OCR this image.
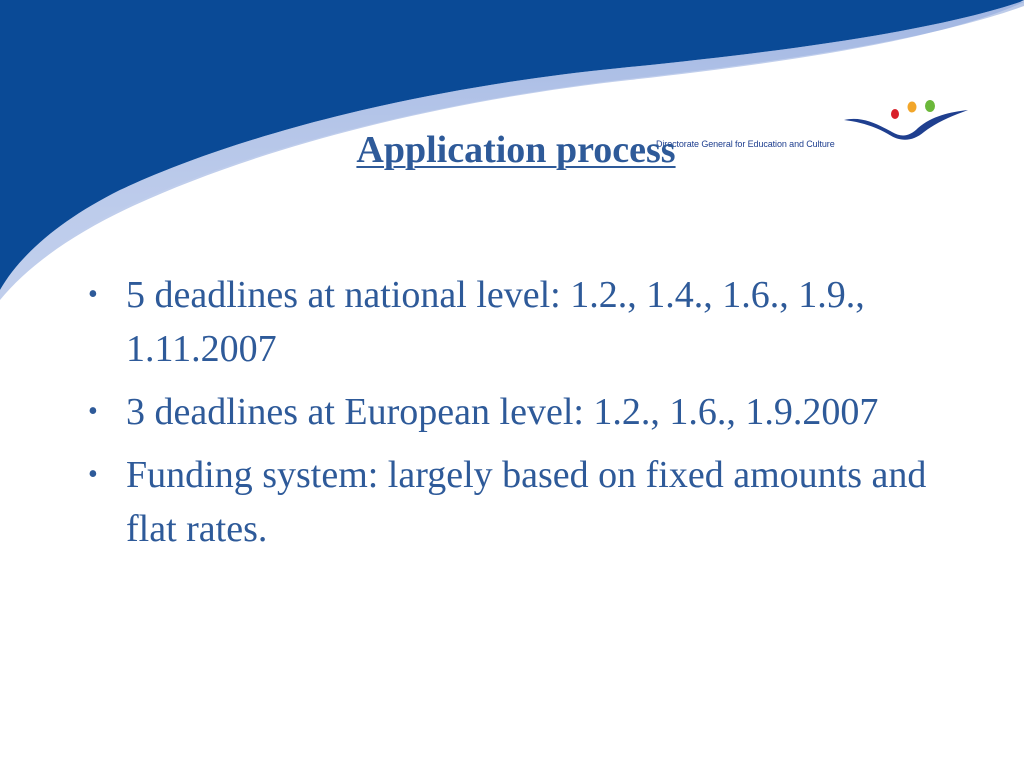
Directorate General for Education and Culture
Application process
• 5 deadlines at national level: 1.2., 1.4., 1.6., 1.9., 1.11.2007
• 3 deadlines at European level: 1.2., 1.6., 1.9.2007
• Funding system: largely based on fixed amounts and flat rates.
